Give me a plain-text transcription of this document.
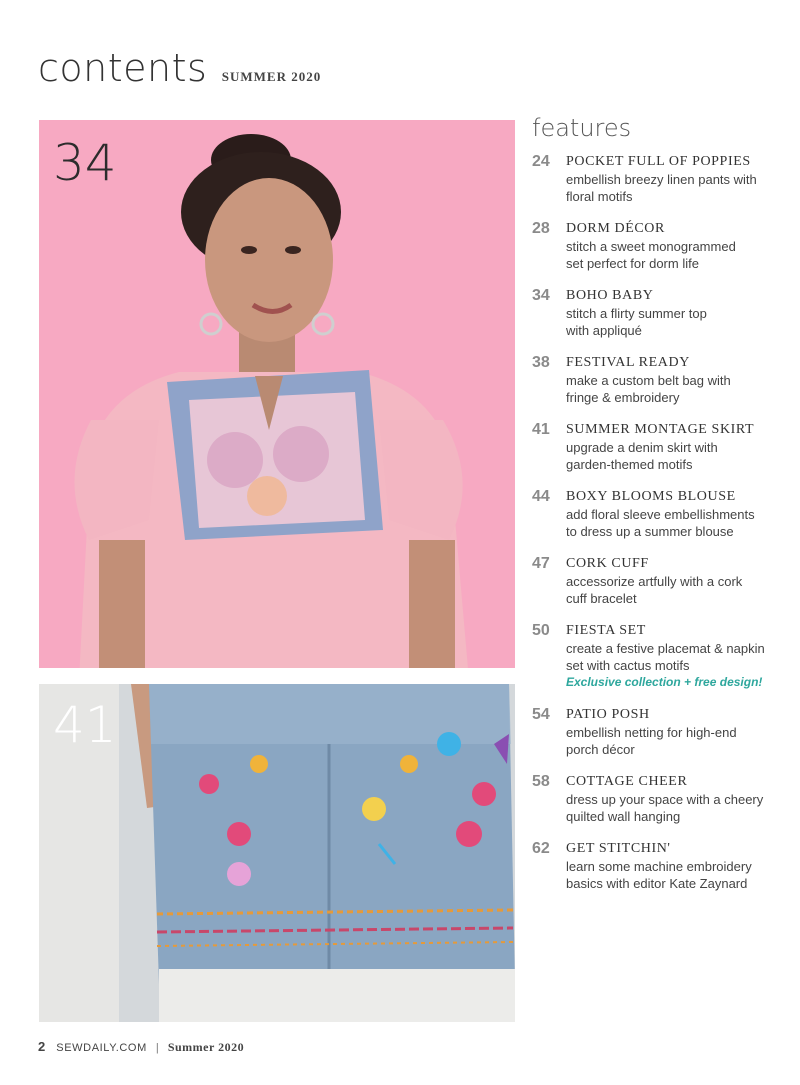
contents SUMMER 2020
34
41
features
24 POCKET FULL OF POPPIES
embellish breezy linen pants with
floral motifs
28 DORM DÉCOR
stitch a sweet monogrammed
set perfect for dorm life
34 BOHO BABY
stitch a flirty summer top
with appliqué
38 FESTIVAL READY
make a custom belt bag with
fringe & embroidery
41 SUMMER MONTAGE SKIRT
upgrade a denim skirt with
garden-themed motifs
44 BOXY BLOOMS BLOUSE
add floral sleeve embellishments
to dress up a summer blouse
47 CORK CUFF
accessorize artfully with a cork
cuff bracelet
50 FIESTA SET
create a festive placemat & napkin
set with cactus motifs
Exclusive collection + free design!
54 PATIO POSH
embellish netting for high-end
porch décor
58 COTTAGE CHEER
dress up your space with a cheery
quilted wall hanging
62 GET STITCHIN'
learn some machine embroidery
basics with editor Kate Zaynard
2 SEWDAILY.COM | Summer 2020
